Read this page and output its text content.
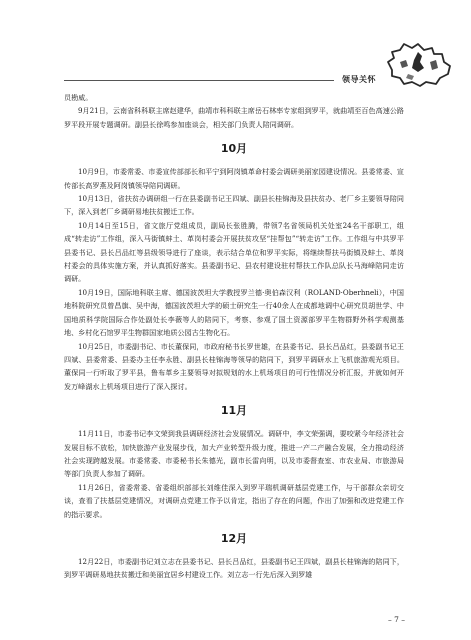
领导关怀

员勘威。

9月21日，云南省科科联主席赵建华，曲靖市科科联主席岳石林率专家组到罗平，就曲靖至百色高速公路罗平段开展专题调研。副县长徐鸣参加座谈会，相关部门负责人陪同调研。

10月

10月9日，市委常委、市委宣传部部长和平宁到阿岗镇革命村委会调研美丽家园建设情况。县委常委、宣传部长高罗燕及阿岗镇领导陪同调研。

10月13日，省扶贫办调研组一行在县委副书记王四斌、副县长桂锦海及县扶贫办、老厂乡主要领导陪同下，深入到老厂乡调研易地扶贫搬迁工作。

10月14日至15日，省文旅厅党组成员，副局长张胜腾，带领7名省领局机关处室24名干部职工，组成“转走访”工作组，深入马街镇蚌土、革岗村委会开展扶贫攻坚“挂帮包”“转走访”工作。工作组与中共罗平县委书记、县长吕品红等县级领导进行了座谈，表示结合单位和罗平实际，将继续帮扶马街镇及蚌土、革岗村委会的具体实施方案，并认真抓好落实。县委副书记、县农村建设驻村帮扶工作队总队长马海峰陪同走访调研。

10月19日，国际地科联主席、德国波茨坦大学教授罗兰德·奥伯森汉利（ROLAND·Oberhneli），中国地科院研究员曾昌旗、吴中海，德国波茨坦大学的硕士研究生一行40余人在成都地调中心研究员胡世学、中国地质科学院国际合作处副处长李薇等人的陪同下，考察、参观了国土资源部罗平生物群野外科学观测基地、乡村化石馆罗平生物群国家地质公园古生物化石。

10月25日，市委副书记、市长董保同，市政府秘书长罗世雄，在县委书记、县长吕品红，县委副书记王四斌、县委常委、县委办主任李永胜、副县长桂锦海等领导的陪同下，到罗平调研水上飞机旅游观光项目。董保同一行听取了罗平县，鲁布革乡主要领导对拟规划的水上机场项目的可行性情况分析汇报，并就如何开发万峰湖水上机场项目进行了深入探讨。

11月

11月11日，市委书记李文荣到我县调研经济社会发展情况。调研中，李文荣强调，要咬紧今年经济社会发展目标不放松，加快旅游产业发展步伐，加大产业转型升级力度，推进一产二产融合发展，全力推动经济社会实现跨越发展。市委常委、市委秘书长朱德光，副市长雷向明，以及市委督查室、市农业局、市旅游局等部门负责人参加了调研。

11月26日，省委常委、省委组织部部长刘维佳深入到罗平瑞机调研基层党建工作，与干部群众亲切交谈，查看了扶基层党建情况，对调研点党建工作予以肯定，指出了存在的问题，作出了加强和改进党建工作的指示要求。

12月

12月22日，市委副书记刘立志在县委书记、县长吕品红，县委副书记王四斌，副县长桂锦海的陪同下，到罗平调研易地扶贫搬迁和美丽宜居乡村建设工作。刘立志一行先后深入到罗雄

– 7 –
